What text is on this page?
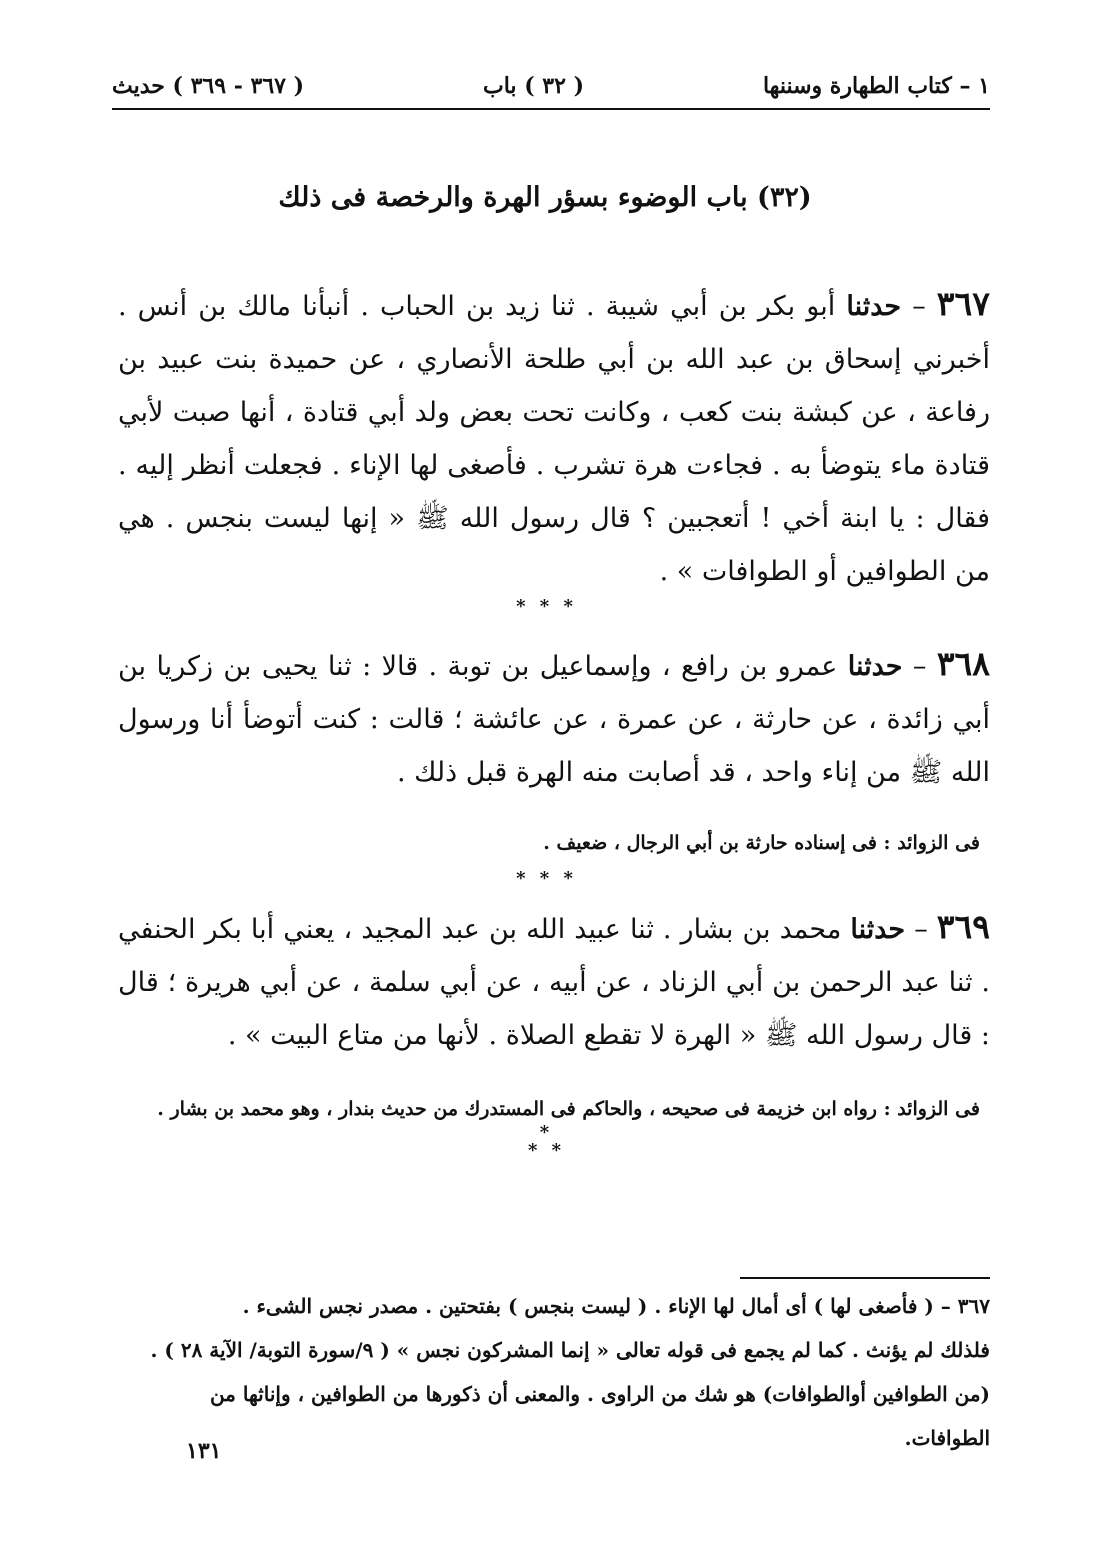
١ – كتاب الطهارة وسننها
( ٣٢ ) باب
( ٣٦٧ - ٣٦٩ ) حديث
(٣٢) باب الوضوء بسؤر الهرة والرخصة فى ذلك
٣٦٧ – حدثنا أبو بكر بن أبي شيبة . ثنا زيد بن الحباب . أنبأنا مالك بن أنس . أخبرني إسحاق بن عبد الله بن أبي طلحة الأنصاري ، عن حميدة بنت عبيد بن رفاعة ، عن كبشة بنت كعب ، وكانت تحت بعض ولد أبي قتادة ، أنها صبت لأبي قتادة ماء يتوضأ به . فجاءت هرة تشرب . فأصغى لها الإناء . فجعلت أنظر إليه . فقال : يا ابنة أخي ! أتعجبين ؟ قال رسول الله ﷺ « إنها ليست بنجس . هي من الطوافين أو الطوافات » .
* * *
٣٦٨ – حدثنا عمرو بن رافع ، وإسماعيل بن توبة . قالا : ثنا يحيى بن زكريا بن أبي زائدة ، عن حارثة ، عن عمرة ، عن عائشة ؛ قالت : كنت أتوضأ أنا ورسول الله ﷺ من إناء واحد ، قد أصابت منه الهرة قبل ذلك .
فى الزوائد : فى إسناده حارثة بن أبي الرجال ، ضعيف .
* * *
٣٦٩ – حدثنا محمد بن بشار . ثنا عبيد الله بن عبد المجيد ، يعني أبا بكر الحنفي . ثنا عبد الرحمن بن أبي الزناد ، عن أبيه ، عن أبي سلمة ، عن أبي هريرة ؛ قال : قال رسول الله ﷺ « الهرة لا تقطع الصلاة . لأنها من متاع البيت » .
فى الزوائد : رواه ابن خزيمة فى صحيحه ، والحاكم فى المستدرك من حديث بندار ، وهو محمد بن بشار .
*
* *

٣٦٧ – ( فأصغى لها ) أى أمال لها الإناء . ( ليست بنجس ) بفتحتين . مصدر نجس الشىء .

فلذلك لم يؤنث . كما لم يجمع فى قوله تعالى « إنما المشركون نجس » ( ٩/سورة التوبة/ الآية ٢٨ ) .

(من الطوافين أوالطوافات) هو شك من الراوى . والمعنى أن ذكورها من الطوافين ، وإناثها من الطوافات.

١٣١
